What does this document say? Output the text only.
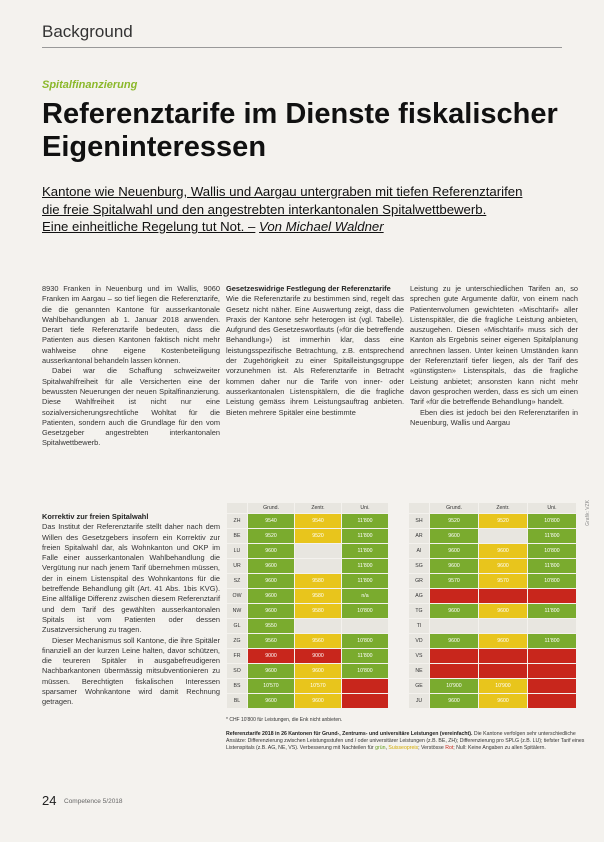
Background
Spitalfinanzierung
Referenztarife im Dienste fiskalischer Eigeninteressen
Kantone wie Neuenburg, Wallis und Aargau untergraben mit tiefen Referenztarifen
die freie Spitalwahl und den angestrebten interkantonalen Spitalwettbewerb.
Eine einheitliche Regelung tut Not. – Von Michael Waldner

8930 Franken in Neuenburg und im Wallis, 9060 Franken im Aargau – so tief liegen die Referenztarife, die die genannten Kantone für ausserkantonale Wahlbehandlungen ab 1. Januar 2018 anwenden. Derart tiefe Referenztarife bedeuten, dass die Patienten aus diesen Kantonen faktisch nicht mehr wahlweise ohne eigene Kostenbeteiligung ausserkantonal behandeln lassen können.

Dabei war die Schaffung schweizweiter Spitalwahlfreiheit für alle Versicherten eine der bewussten Neuerungen der neuen Spitalfinanzierung. Diese Wahlfreiheit ist nicht nur eine sozialversicherungsrechtliche Wohltat für die Patienten, sondern auch die Grundlage für den vom Gesetzgeber angestrebten interkantonalen Spitalwettbewerb.

Korrektiv zur freien Spitalwahl

Das Institut der Referenztarife stellt daher nach dem Willen des Gesetzgebers insofern ein Korrektiv zur freien Spitalwahl dar, als Wohnkanton und OKP im Falle einer ausserkantonalen Wahlbehandlung die Vergütung nur nach jenem Tarif übernehmen müssen, der in einem Listenspital des Wohnkantons für die betreffende Behandlung gilt (Art. 41 Abs. 1bis KVG). Eine allfällige Differenz zwischen diesem Referenztarif und dem Tarif des gewählten ausserkantonalen Spitals ist vom Patienten oder dessen Zusatzversicherung zu tragen.

Dieser Mechanismus soll Kantone, die ihre Spitäler finanziell an der kurzen Leine halten, davor schützen, die teureren Spitäler in ausgabefreudigeren Nachbarkantonen übermässig mitsubventionieren zu müssen. Berechtigten fiskalischen Interessen sparsamer Wohnkantone wird damit Rechnung getragen.

Gesetzeswidrige Festlegung der Referenztarife

Wie die Referenztarife zu bestimmen sind, regelt das Gesetz nicht näher. Eine Auswertung zeigt, dass die Praxis der Kantone sehr heterogen ist (vgl. Tabelle). Aufgrund des Gesetzeswortlauts («für die betreffende Behandlung») ist immerhin klar, dass eine leistungsspezifische Betrachtung, z.B. entsprechend der Zugehörigkeit zu einer Spitalleistungsgruppe vorzunehmen ist. Als Referenztarife in Betracht kommen daher nur die Tarife von inner- oder ausserkantonalen Listenspitälern, die die fragliche Leistung gemäss ihrem Leistungsauftrag anbieten. Bieten mehrere Spitäler eine bestimmte

Leistung zu je unterschiedlichen Tarifen an, so sprechen gute Argumente dafür, von einem nach Patientenvolumen gewichteten «Mischtarif» aller Listenspitäler, die die fragliche Leistung anbieten, auszugehen. Diesen «Mischtarif» muss sich der Kanton als Ergebnis seiner eigenen Spitalplanung anrechnen lassen. Unter keinen Umständen kann der Referenztarif tiefer liegen, als der Tarif des «günstigsten» Listenspitals, das die fragliche Leistung anbietet; ansonsten kann nicht mehr davon gesprochen werden, dass es sich um einen Tarif «für die betreffende Behandlung» handelt.

Eben dies ist jedoch bei den Referenztarifen in Neuenburg, Wallis und Aargau

Grafik: VZK
	Grund.	Zentr.	Uni.
ZH	9540	9540	11'800
BE	9520	9520	11'800
LU	9600		11'800
UR	9600		11'800
SZ	9600	9580	11'800
OW	9600	9580	n/a
NW	9600	9580	10'800
GL	9550		
ZG	9560	9560	10'800
FR	9000	9000	11'800
SO	9600	9600	10'800
BS	10'570	10'570	
BL	9600	9600	
	Grund.	Zentr.	Uni.
SH	9520	9520	10'800
AR	9600		11'800
AI	9600	9600	10'800
SG	9600	9600	11'800
GR	9570	9570	10'800
AG			
TG	9600	9600	11'800
TI			
VD	9600	9600	11'800
VS			
NE			
GE	10'900	10'900	
JU	9600	9600	
* CHF 10'800 für Leistungen, die Enk nicht anbieten.
Referenztarife 2018 in 26 Kantonen für Grund-, Zentrums- und universitäre Leistungen (vereinfacht). Die Kantone verfolgen sehr unterschiedliche Ansätze: Differenzierung zwischen Leistungsstufen und / oder universitärer Leistungen (z.B. BE, ZH); Differenzierung pro SPLG (z.B. LU); tiefster Tarif eines Listenspitals (z.B. AG, NE, VS). Verbesserung mit Nachteilen für grün, Suisseopreis; Verstösse Rot; Null: Keine Angaben zu allen Spitälern.
24 Competence 5/2018
